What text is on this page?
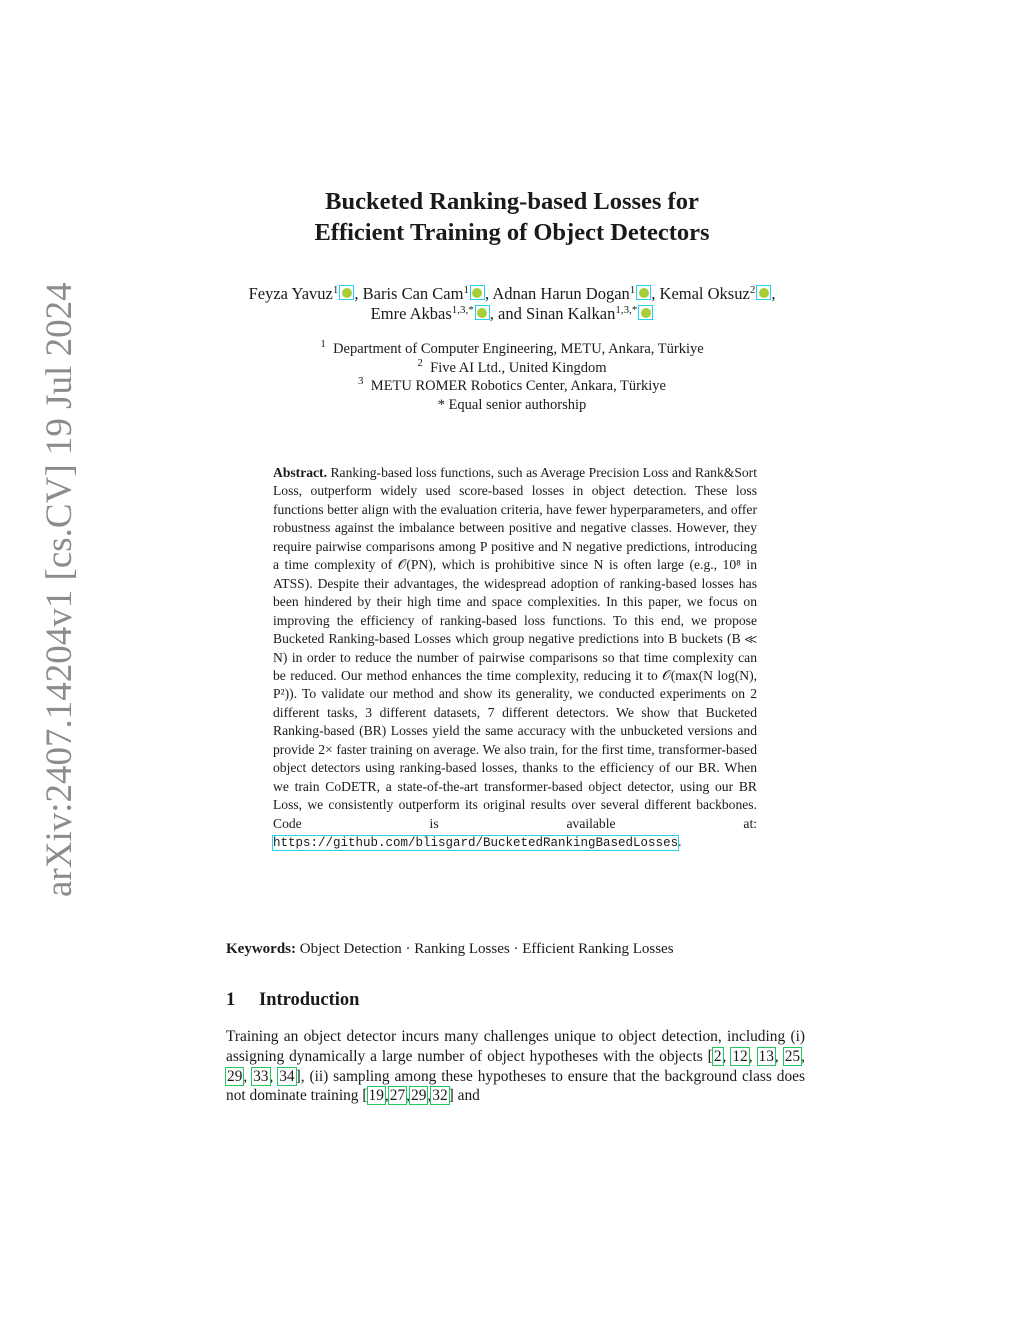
arXiv:2407.14204v1 [cs.CV] 19 Jul 2024
Bucketed Ranking-based Losses for
Efficient Training of Object Detectors
Feyza Yavuz$^1$ , Baris Can Cam$^1$ , Adnan Harun Dogan$^1$ , Kemal Oksuz$^2$ ,
Emre Akbas$^{1,3,*}$ , and Sinan Kalkan$^{1,3,*}$
$^1$ Department of Computer Engineering, METU, Ankara, Türkiye
$^2$ Five AI Ltd., United Kingdom
$^3$ METU ROMER Robotics Center, Ankara, Türkiye
* Equal senior authorship
Abstract. Ranking-based loss functions, such as Average Precision Loss and Rank&Sort Loss, outperform widely used score-based losses in object detection. These loss functions better align with the evaluation criteria, have fewer hyperparameters, and offer robustness against the imbalance between positive and negative classes. However, they require pairwise comparisons among P positive and N negative predictions, introducing a time complexity of 𝒪(PN), which is prohibitive since N is often large (e.g., 10⁸ in ATSS). Despite their advantages, the widespread adoption of ranking-based losses has been hindered by their high time and space complexities. In this paper, we focus on improving the efficiency of ranking-based loss functions. To this end, we propose Bucketed Ranking-based Losses which group negative predictions into B buckets (B ≪ N) in order to reduce the number of pairwise comparisons so that time complexity can be reduced. Our method enhances the time complexity, reducing it to 𝒪(max(N log(N), P²)). To validate our method and show its generality, we conducted experiments on 2 different tasks, 3 different datasets, 7 different detectors. We show that Bucketed Ranking-based (BR) Losses yield the same accuracy with the unbucketed versions and provide 2× faster training on average. We also train, for the first time, transformer-based object detectors using ranking-based losses, thanks to the efficiency of our BR. When we train CoDETR, a state-of-the-art transformer-based object detector, using our BR Loss, we consistently outperform its original results over several different backbones. Code is available at: https://github.com/blisgard/BucketedRankingBasedLosses.
Keywords: Object Detection · Ranking Losses · Efficient Ranking Losses
1 Introduction
Training an object detector incurs many challenges unique to object detection, including (i) assigning dynamically a large number of object hypotheses with the objects [2, 12, 13, 25, 29, 33, 34], (ii) sampling among these hypotheses to ensure that the background class does not dominate training [19,27,29,32] and
